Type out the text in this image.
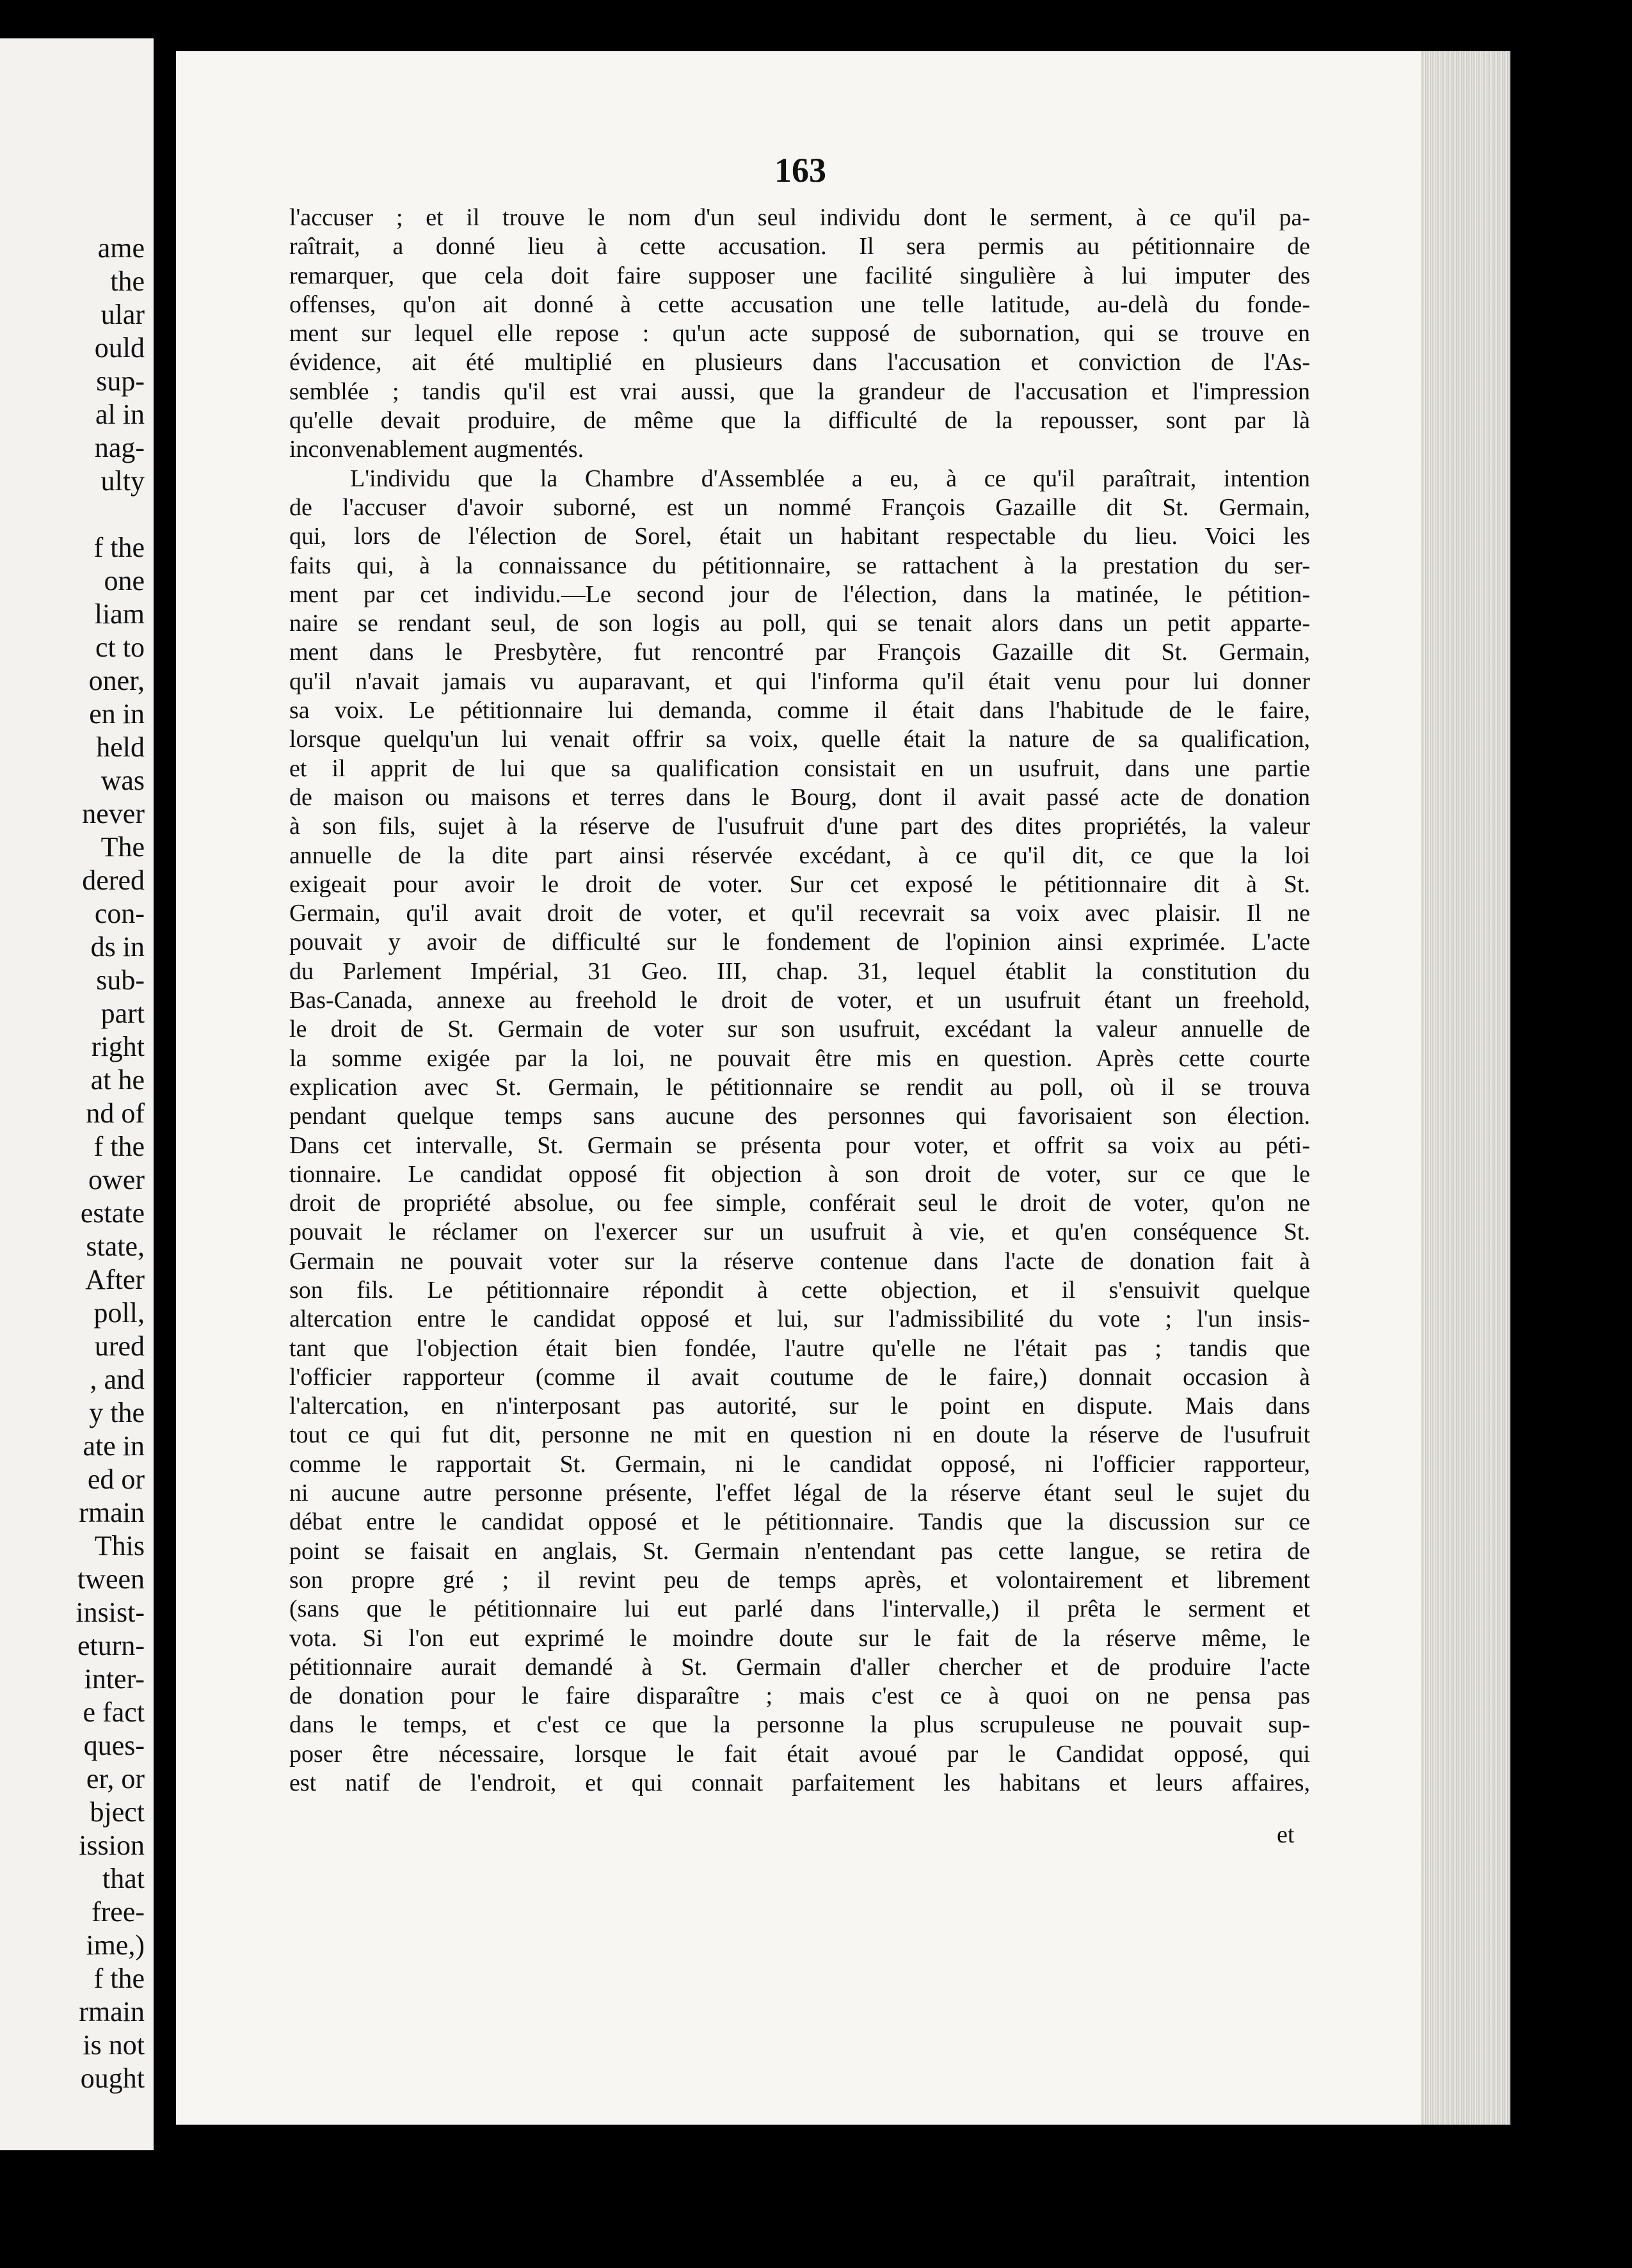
ame
the
ular
ould
sup-
al in
nag-
ulty
f the
one
liam
ct to
oner,
en in
held
was
never
The
dered
con-
ds in
sub-
part
right
at he
nd of
f the
ower
estate
state,
After
poll,
ured
, and
y the
ate in
ed or
rmain
This
tween
insist-
eturn-
inter-
e fact
ques-
er, or
bject
ission
that
free-
ime,)
f the
rmain
is not
ought
163
l'accuser ; et il trouve le nom d'un seul individu dont le serment, à ce qu'il pa-
raîtrait, a donné lieu à cette accusation. Il sera permis au pétitionnaire de
remarquer, que cela doit faire supposer une facilité singulière à lui imputer des
offenses, qu'on ait donné à cette accusation une telle latitude, au-delà du fonde-
ment sur lequel elle repose : qu'un acte supposé de subornation, qui se trouve en
évidence, ait été multiplié en plusieurs dans l'accusation et conviction de l'As-
semblée ; tandis qu'il est vrai aussi, que la grandeur de l'accusation et l'impression
qu'elle devait produire, de même que la difficulté de la repousser, sont par là
inconvenablement augmentés.
L'individu que la Chambre d'Assemblée a eu, à ce qu'il paraîtrait, intention
de l'accuser d'avoir suborné, est un nommé François Gazaille dit St. Germain,
qui, lors de l'élection de Sorel, était un habitant respectable du lieu. Voici les
faits qui, à la connaissance du pétitionnaire, se rattachent à la prestation du ser-
ment par cet individu.—Le second jour de l'élection, dans la matinée, le pétition-
naire se rendant seul, de son logis au poll, qui se tenait alors dans un petit apparte-
ment dans le Presbytère, fut rencontré par François Gazaille dit St. Germain,
qu'il n'avait jamais vu auparavant, et qui l'informa qu'il était venu pour lui donner
sa voix. Le pétitionnaire lui demanda, comme il était dans l'habitude de le faire,
lorsque quelqu'un lui venait offrir sa voix, quelle était la nature de sa qualification,
et il apprit de lui que sa qualification consistait en un usufruit, dans une partie
de maison ou maisons et terres dans le Bourg, dont il avait passé acte de donation
à son fils, sujet à la réserve de l'usufruit d'une part des dites propriétés, la valeur
annuelle de la dite part ainsi réservée excédant, à ce qu'il dit, ce que la loi
exigeait pour avoir le droit de voter. Sur cet exposé le pétitionnaire dit à St.
Germain, qu'il avait droit de voter, et qu'il recevrait sa voix avec plaisir. Il ne
pouvait y avoir de difficulté sur le fondement de l'opinion ainsi exprimée. L'acte
du Parlement Impérial, 31 Geo. III, chap. 31, lequel établit la constitution du
Bas-Canada, annexe au freehold le droit de voter, et un usufruit étant un freehold,
le droit de St. Germain de voter sur son usufruit, excédant la valeur annuelle de
la somme exigée par la loi, ne pouvait être mis en question. Après cette courte
explication avec St. Germain, le pétitionnaire se rendit au poll, où il se trouva
pendant quelque temps sans aucune des personnes qui favorisaient son élection.
Dans cet intervalle, St. Germain se présenta pour voter, et offrit sa voix au péti-
tionnaire. Le candidat opposé fit objection à son droit de voter, sur ce que le
droit de propriété absolue, ou fee simple, conférait seul le droit de voter, qu'on ne
pouvait le réclamer on l'exercer sur un usufruit à vie, et qu'en conséquence St.
Germain ne pouvait voter sur la réserve contenue dans l'acte de donation fait à
son fils. Le pétitionnaire répondit à cette objection, et il s'ensuivit quelque
altercation entre le candidat opposé et lui, sur l'admissibilité du vote ; l'un insis-
tant que l'objection était bien fondée, l'autre qu'elle ne l'était pas ; tandis que
l'officier rapporteur (comme il avait coutume de le faire,) donnait occasion à
l'altercation, en n'interposant pas autorité, sur le point en dispute. Mais dans
tout ce qui fut dit, personne ne mit en question ni en doute la réserve de l'usufruit
comme le rapportait St. Germain, ni le candidat opposé, ni l'officier rapporteur,
ni aucune autre personne présente, l'effet légal de la réserve étant seul le sujet du
débat entre le candidat opposé et le pétitionnaire. Tandis que la discussion sur ce
point se faisait en anglais, St. Germain n'entendant pas cette langue, se retira de
son propre gré ; il revint peu de temps après, et volontairement et librement
(sans que le pétitionnaire lui eut parlé dans l'intervalle,) il prêta le serment et
vota. Si l'on eut exprimé le moindre doute sur le fait de la réserve même, le
pétitionnaire aurait demandé à St. Germain d'aller chercher et de produire l'acte
de donation pour le faire disparaître ; mais c'est ce à quoi on ne pensa pas
dans le temps, et c'est ce que la personne la plus scrupuleuse ne pouvait sup-
poser être nécessaire, lorsque le fait était avoué par le Candidat opposé, qui
est natif de l'endroit, et qui connait parfaitement les habitans et leurs affaires,
et
